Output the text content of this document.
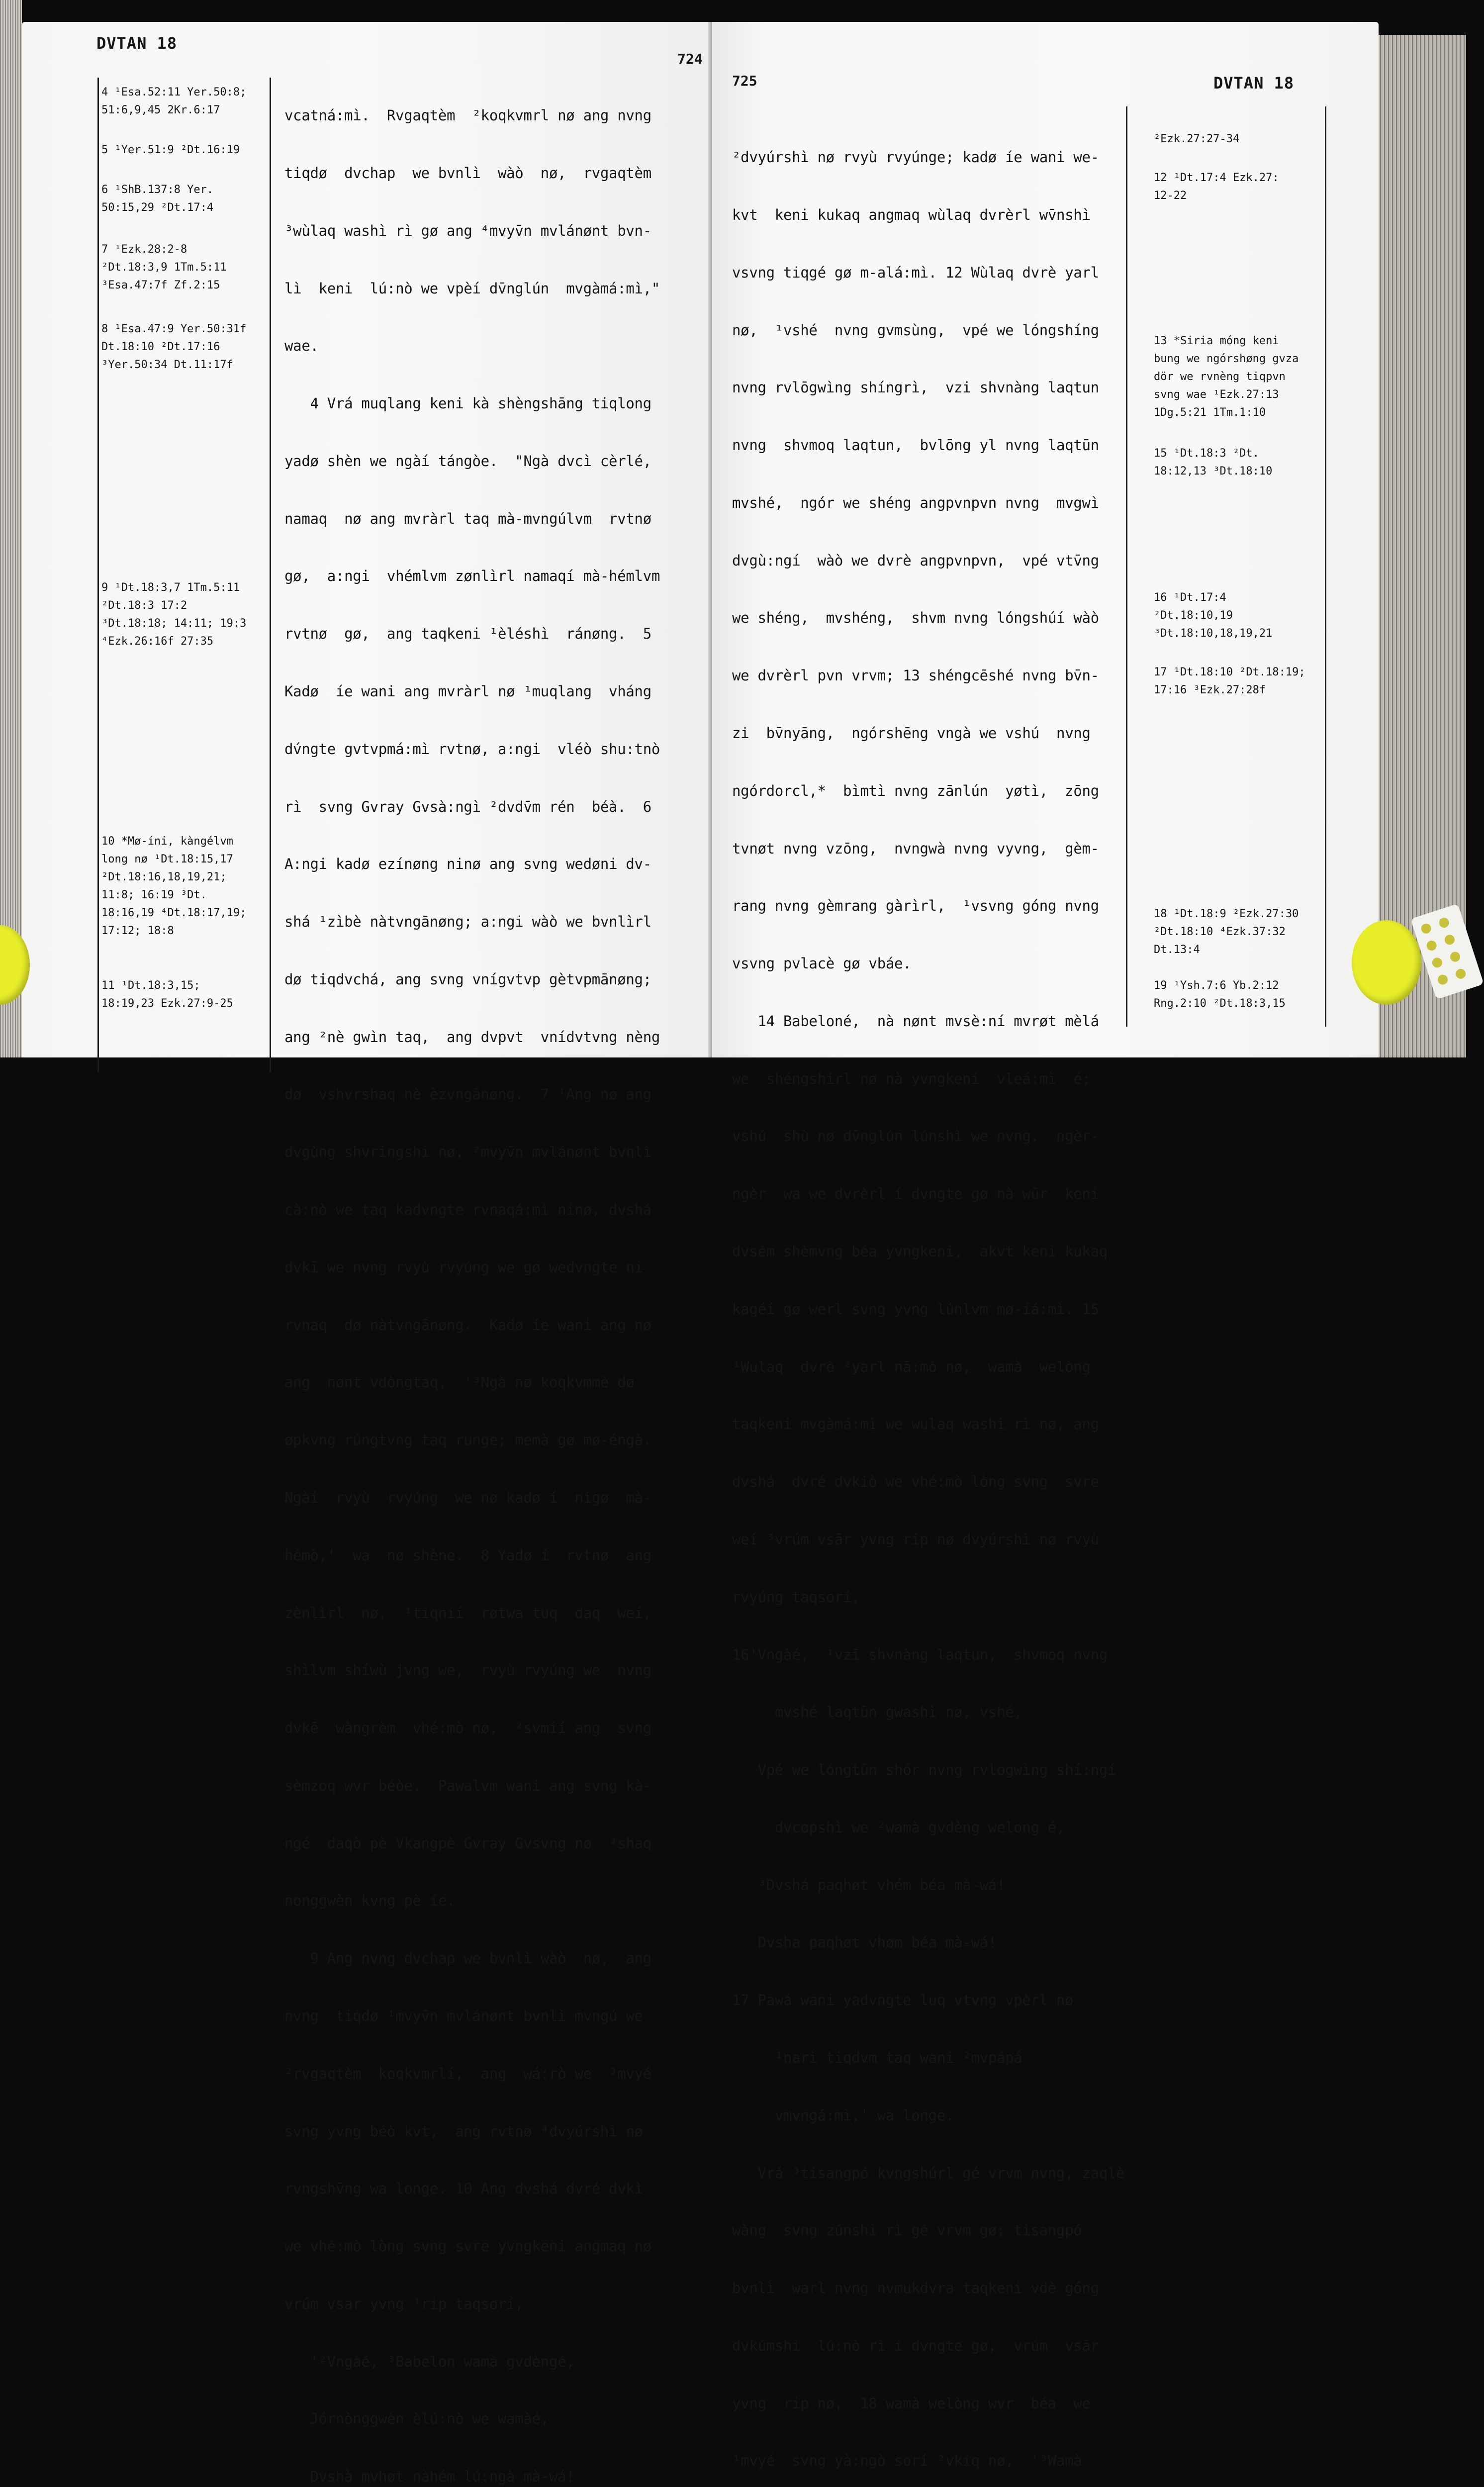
DVTAN 18
724
4 ¹Esa.52:11 Yer.50:8;
51:6,9,45 2Kr.6:17
5 ¹Yer.51:9 ²Dt.16:19
6 ¹ShB.137:8 Yer.
50:15,29 ²Dt.17:4
7 ¹Ezk.28:2-8
²Dt.18:3,9 1Tm.5:11
³Esa.47:7f Zf.2:15
8 ¹Esa.47:9 Yer.50:31f
Dt.18:10 ²Dt.17:16
³Yer.50:34 Dt.11:17f
9 ¹Dt.18:3,7 1Tm.5:11
²Dt.18:3 17:2
³Dt.18:18; 14:11; 19:3
⁴Ezk.26:16f 27:35
10 *Mø-íni, kàngélvm
long nø ¹Dt.18:15,17
²Dt.18:16,18,19,21;
11:8; 16:19 ³Dt.
18:16,19 ⁴Dt.18:17,19;
17:12; 18:8
11 ¹Dt.18:3,15;
18:19,23 Ezk.27:9-25

vcatná:mì.  Rvgaqtèm  ²koqkvmrl nø ang nvng

tiqdø  dvchap  we bvnlì  wàò  nø,  rvgaqtèm

³wùlaq washì rì gø ang ⁴mvyv̄n mvlánønt bvn-

lì  keni  lú:nò we vpèí dv̄nglún  mvgàmá:mì,"

wae.

4 Vrá muqlang keni kà shèngshāng tiqlong

yadø shèn we ngàí tángòe.  "Ngà dvcì cèrlé,

namaq  nø ang mvràrl taq mà-mvngúlvm  rvtnø

gø,  a:ngi  vhémlvm zønlìrl namaqí mà-hémlvm

rvtnø  gø,  ang taqkeni ¹èléshì  ránøng.  5

Kadø  íe wani ang mvràrl nø ¹muqlang  vháng

dv́ngte gvtvpmá:mì rvtnø, a:ngi  vléò shu:tnò

rì  svng Gvray Gvsà:ngì ²dvdv̄m rén  béà.  6

A:ngi kadø ezínøng ninø ang svng wedøni dv-

shá ¹zìbè nàtvngānøng; a:ngi wàò we bvnlìrl

dø tiqdvchá, ang svng vnígvtvp gètvpmānøng;

ang ²nè gwìn taq,  ang dvpvt  vnídvtvng nèng

dø  vshvrshaq nè èzvngānøng.  7 ¹Ang nø ang

dvgùng shvringshì nø, ²mvyv̄n mvlánønt bvnlì

cà:nò we taq kadvngte rvnaqá:mì ninø, dvshá

dvkī we nvng rvyù rvyúng we gø wedvngte ni

rvnaq  dø nàtvngānøng.  Kadø íe wani ang nø

ang  nønt vdòngtaq,  '³Ngà nø koqkvmmè dø

øpkvng rúngtvng taq runge; memà gø mø-éngà.

Ngàí  rvyù  rvyúng  we nø kadø í  nigø  mà-

hémò,'  wa  nø shène.  8 Yadø í  rvtnø  ang

zènlìrl  nø,  ¹tiqnií  røtwa tuq  daq  weí,

shìlvm shíwù jvng we,  rvyù rvyúng we  nvng

dvkē  wàngrèm  vhé:mò nø,  ²svmií ang  svng

sèmzoq wvr béòe.  Pawalvm wani ang svng kà-

ngé  daqò pè Vkangpè Gvray Gvsvng nø  ³shaq

nonggwèn kvng pè íe.

9 Ang nvng dvchap we bvnlì wàò  nø,  ang

nvng  tiqdø ¹mvyv̄n mvlánønt bvnlì mvngú we

²rvgaqtèm  koqkvmrlí,  ang  wá:rò we  ³mvyé

svng yvng béò kvt,  ang rvtnø ⁴dvyúrshì nø

rvngshv̄ng wa longe. 10 Ang dvshá dvré dvkì

we vhé:mò lòng svng svre yvngkeni angmaq nø

vrúm vsar yvng ¹rip taqsorí,

'²Vngàé, ³Babelon wamà gvdèngé,

Jórnònggwèn èlú:nò we wamàé,

Dvshà mvhøt nàhém lú:ngà mà-wá!

725	DVTAN 18

²dvyúrshì nø rvyù rvyúnge; kadø íe wani we-

kvt  keni kukaq angmaq wùlaq dvrèrl wv̄nshì

vsvng tiqgé gø m-alá:mì. 12 Wùlaq dvrè yarl

nø,  ¹vshé  nvng gvmsùng,  vpé we lóngshíng

nvng rvlōgwìng shíngrì,  vzi shvnàng laqtun

nvng  shvmoq laqtun,  bvlōng yl nvng laqtūn

mvshé,  ngór we shéng angpvnpvn nvng  mvgwì

dvgù:ngí  wàò we dvrè angpvnpvn,  vpé vtv̄ng

we shéng,  mvshéng,  shvm nvng lóngshúí wàò

we dvrèrl pvn vrvm; 13 shéngcēshé nvng bv̄n-

zi  bv̄nyāng,  ngórshēng vngà we vshú  nvng

ngórdorcl,*  bìmtì nvng zānlún  yøtì,  zōng

tvnøt nvng vzōng,  nvngwà nvng vyvng,  gèm-

rang nvng gèmrang gàrìrl,  ¹vsvng góng nvng

vsvng pvlacè gø vbáe.

14 Babeloné,  nà nønt mvsè:ní mvrøt mèlá

we  shéngshírl nø nà yvngkeni  vleá:mì  é;

vshú  shù nø dv̄nglún lúnshì we nvng,  ngèr-

ngèr  wa we dvrèrl í dvngte gø nà wūr  keni

dvsém shèmvng béa yvngkeni,  akvt keni kukaq

kagéí gø werl svng yvng lúnlvm mø-íá:mì. 15

¹Wulaq  dvrè ²yarl nā:mò nø,  wamà  welòng

taqkeni mvgàmá:mì we wulaq washì rì nø, ang

dvshá  dvré dvkiò we vhé:mò lòng svng  svre

weí ³vrúm vsār yvng rip nø dvyúrshì nø rvyù

rvyúng taqsorí,

16'Vngàé,  ¹vzī shvnàng laqtun,  shvmoq nvng

mvshé laqtūn gwashì nø, vshé,

Vpé we lóngtūn shór nvng rvlogwìng shí:ngí

dvcøpshì we ²wamà gvdèng welong é,

³Dvshá paqhøt vhém béa mà-wá!

Dvsha paqhøt vhøm béa mà-wá!

17 Pawá wani yadvngte luq vtvng vpèrl nø

¹narì tiqdvm taq wani ²mvpápá

vmvngá:mì,' wa longe.

Vrá ³tisangpó kvngshúrl gé vrvm nvng, zaqlè

wàng  svng zúnshì rì gé vrvm gø; tìsangpó

bvnlì  warl nvng nvmukdvra taqkeni vdè góng

dvkúmshì  lú:nò rì í dvngte gø,  vrúm  vsār

yvng  rip nø,  18 wamà welòng wvr  béa  we

¹mvyé  svng yà:ngò sorí ²vkiq nø,  '³Wamà

²Ezk.27:27-34
12 ¹Dt.17:4 Ezk.27:
12-22
13 *Siria móng keni
bung we ngórshøng gvza
dör we rvnèng tiqpvn
svng wae ¹Ezk.27:13
1Dg.5:21 1Tm.1:10
15 ¹Dt.18:3 ²Dt.
18:12,13 ³Dt.18:10
16 ¹Dt.17:4
²Dt.18:10,19
³Dt.18:10,18,19,21
17 ¹Dt.18:10 ²Dt.18:19;
17:16 ³Ezk.27:28f
18 ¹Dt.18:9 ²Ezk.27:30
²Dt.18:10 ⁴Ezk.37:32
Dt.13:4
19 ¹Ysh.7:6 Yb.2:12
Rng.2:10 ²Dt.18:3,15
